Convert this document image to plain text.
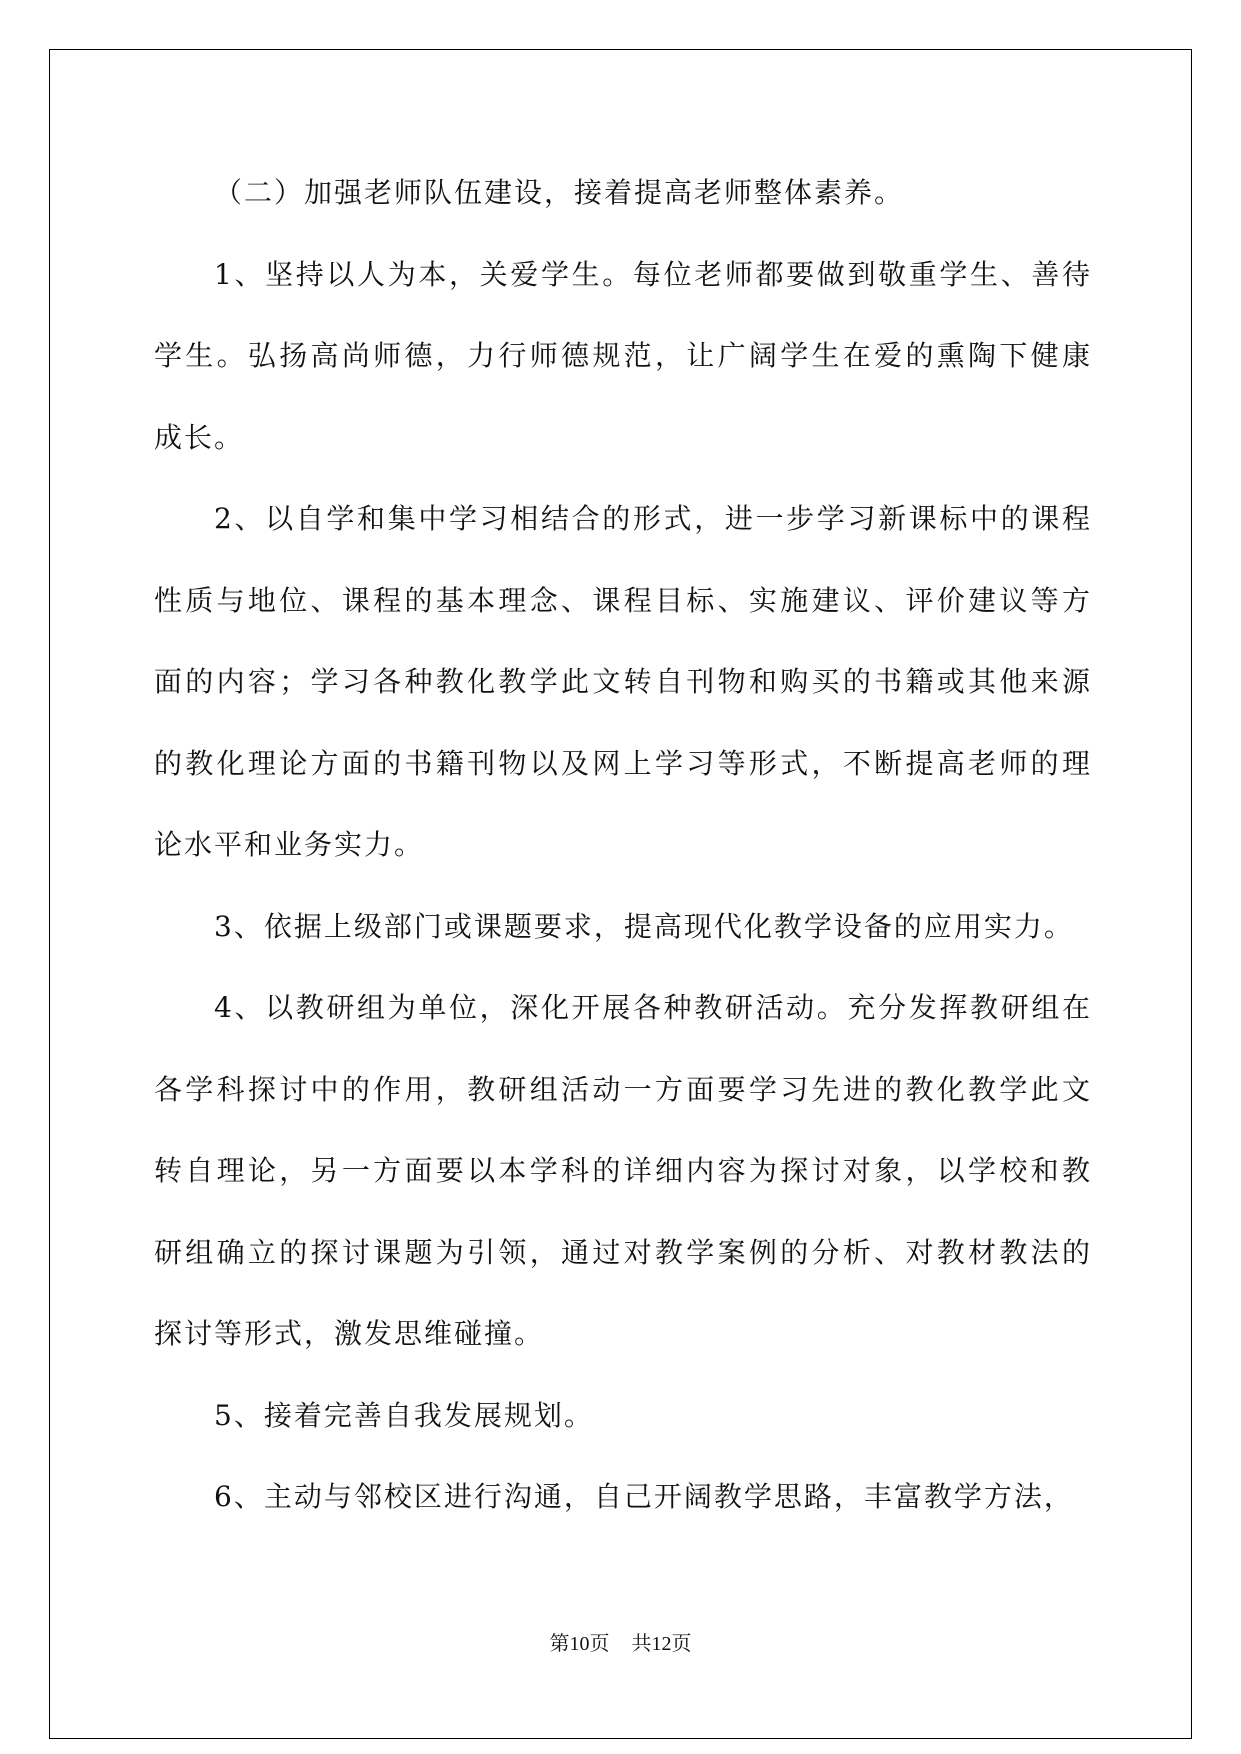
（二）加强老师队伍建设，接着提高老师整体素养。
1、坚持以人为本，关爱学生。每位老师都要做到敬重学生、善待
学生。弘扬高尚师德，力行师德规范，让广阔学生在爱的熏陶下健康
成长。
2、以自学和集中学习相结合的形式，进一步学习新课标中的课程
性质与地位、课程的基本理念、课程目标、实施建议、评价建议等方
面的内容；学习各种教化教学此文转自刊物和购买的书籍或其他来源
的教化理论方面的书籍刊物以及网上学习等形式，不断提高老师的理
论水平和业务实力。
3、依据上级部门或课题要求，提高现代化教学设备的应用实力。
4、以教研组为单位，深化开展各种教研活动。充分发挥教研组在
各学科探讨中的作用，教研组活动一方面要学习先进的教化教学此文
转自理论，另一方面要以本学科的详细内容为探讨对象，以学校和教
研组确立的探讨课题为引领，通过对教学案例的分析、对教材教法的
探讨等形式，激发思维碰撞。
5、接着完善自我发展规划。
6、主动与邻校区进行沟通，自己开阔教学思路，丰富教学方法，
第10页 共12页
